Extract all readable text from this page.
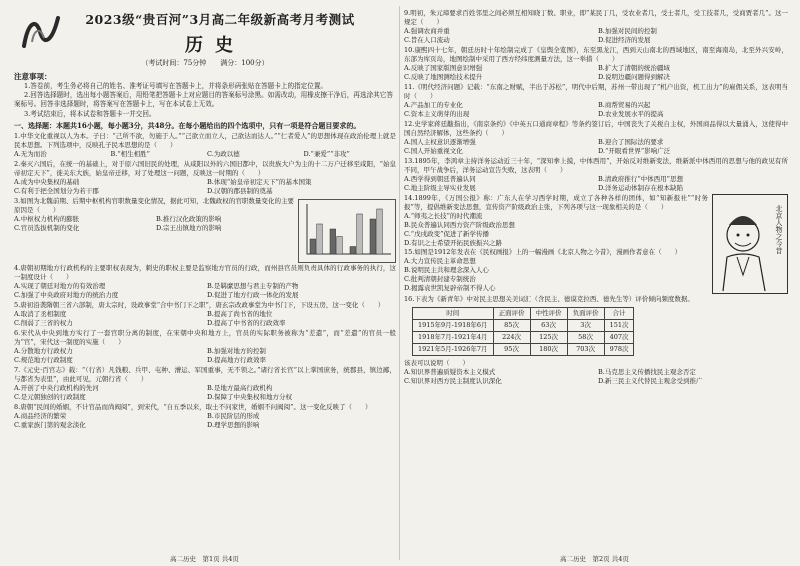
2023级“贵百河”3月高二年级新高考月考测试
历史
（考试时间：75分钟　　满分：100分）
注意事项：
1.答卷前，考生务必将自己的姓名、准考证号填写在答题卡上，并将条形码张贴在答题卡上的指定位置。
2.回答选择题时，选出每小题答案后，用铅笔把答题卡上对应题目的答案标号涂黑。如需改动，用橡皮擦干净后，再选涂其它答案标号。回答非选择题时，将答案写在答题卡上，写在本试卷上无效。
3.考试结束后，将本试卷和答题卡一并交回。
一、选择题：本题共16小题，每小题3分，共48分。在每小题给出的四个选项中，只有一项是符合题目要求的。
1.中华文化重视以人为本。子曰：“己所不欲，勿施于人。”“己欲立而立人，己欲达而达人。”“仁者爱人”的思想体现在政治伦理上就是民本思想。下列选项中，反映孔子民本思想的是（　　）
A.无为而治	B.“相生相胜”	C.为政以德	D.“兼爱”“非攻”
2.秦灭六国后，在统一的基础上，对于原六国旧民的处理，从咸阳以外的六国旧都中，以贵族大户为主的十二万户迁移至咸阳，“始皇帝初定天下”，徙关东大族，始皇帝迁移，对了处理这一问题，反映这一时期的（　　）
A.成为中央集权的基础	B.体现“始皇帝初定天下”的基本国策
C.有利于把全国划分为若干郡	D.汉朝的郡县制的奠基
3.如图为北魏前期、后期中枢机构官职数量变化情况，据此可知，北魏政权的官职数量变化的主要原因是（　　）
A.中枢权力机构的膨胀	B.推行汉化政策的影响
C.官员选拔机制的变化	D.宗王出镇地方的影响
4.唐朝初期地方行政机构的主要职权表现为，刺史的职权主要是监察地方官员的行政，而州县官员则负责具体的行政事务的执行，这一制度设计（　　）
A.实现了朝廷对地方的有效治理	B.是羁縻思想与君主专制的产物
C.加强了中央政府对地方的统治力度	D.促进了地方行政一体化的发展
5.唐初沿袭隋朝三省六部制，唐太宗时，设政事堂“合中书门下之职”，唐玄宗改政事堂为中书门下，下设五房，这一变化（　　）
A.取消了丞相制度	B.提高了尚书省的地位
C.削弱了三省的权力	D.提高了中书省的行政效率
6.宋代从中央到地方实行了一套官职分离的制度，在宋朝中央和地方上，官员的实际职务被称为“差遣”，而“差遣”的官员一般为“官”，宋代这一制度的实施（　　）
A.分散地方行政权力	B.加强对地方的控制
C.规范地方行政制度	D.提高地方行政效率
7.《元史·百官志》载：“（行省）凡钱粮、兵甲、屯种、漕运、军国重事，无不领之。”诸行省长官“以上掌国庶务，统郡县，镇边鄙，与都省为表里”，由此可见，元朝行省（　　）
A.开创了中央行政机构的先河	B.是地方最高行政机构
C.是元朝独创的行政制度	D.保障了中央集权和地方分权
8.唐朝“民间的婚姻，不计官品而尚阀阅”，到宋代，“自五季以来，取士不问家世，婚姻不问阀阅”。这一变化反映了（　　）
A.商品经济的繁荣	B.市民阶层的形成
C.重家族门第的观念淡化	D.理学思想的影响
9.明初，朱元璋要求百姓邻里之间必须互相知晓丁数、职业，即“某民丁几，受农业者几，受士者几，受工技者几，受商贾者几”。这一规定（　　）
A.强调农商并重	B.加强对民间的控制
C.旨在人口流动	D.促进经济的发展
10.康熙四十七年，朝廷历时十年绘制完成了《皇舆全览图》，东至黑龙江，西到天山南北的西域地区，南至海南岛，北至外兴安岭，东部为库页岛，地图绘制中采用了西方经纬度测量方法，这一举措（　　）
A.反映了国家版图意识增强	B.扩大了清朝的统治疆域
C.反映了地图测绘技术提升	D.说明边疆问题得到解决
11.《明代经济问题》记载：“东南之财赋，半出于苏松”，明代中后期，苏州一带出现了“机户出资，机工出力”的雇佣关系，这表明当时（　　）
A.产品加工的专业化	B.商帮贸易的兴起
C.资本主义萌芽的出现	D.农业发展水平的提高
12.史学家蒋廷黻指出，《南京条约》《中英五口通商章程》等条约签订后，中国丧失了关税自主权，外国商品得以大量涌入，这使得中国自然经济解体，这些条约（　　）
A.国人主权意识逐渐增强	B.迎合了国际法的要求
C.国人开始重视文化	D.“开眼看世界”影响广泛
13.1895年，李鸿章主持洋务运动近三十年，“深知拳上摸，中体西用”，开始反对维新变法，维新派中体西用的思想与他的政见有所不同，甲午战争后，洋务运动宣告失败，这表明（　　）
A.西学得到朝廷普遍认同	B.清政府推行“中体西用”思想
C.地主阶级主导实业发展	D.洋务运动体制存在根本缺陷
14.1899年，《万国公报》称：广东人在学习西学时期，成立了各种各样的团体，如“知新报社”“时务报”等，提倡维新变法思想，宣传资产阶级政治主张，下列各项与这一现象相关的是（　　）
A.“师夷之长技”的时代潮流
B.民众普遍认同西方资产阶级政治思想
C.“戊戌政变”促进了新学传播
D.有识之士希望开拓民族振兴之路
15.如图是1912年发表在《民权画报》上的一幅漫画《北京人物之今昔》，漫画作者意在（　　）
A.大力宣传民主革命思想
B.说明民主共和理念深入人心
C.批判清朝封建专制统治
D.揭露袁世凯复辟帝制不得人心
北京人物之今昔
16.下表为《新青年》中对民主思想关美词汇（含民主、德谟克拉西、德先生等）评价倾向频度数据。
时间	正面评价	中性评价	负面评价	合计
1915年9月-1918年6月	85次	63次	3次	151次
1918年7月-1921年4月	224次	125次	58次	407次
1921年5月-1926年7月	95次	180次	703次	978次
该表可以说明（　　）
A.知识界普遍质疑资本主义模式	B.马克思主义传播找民主观念否定
C.知识界对西方民主制度认识深化	D.新三民主义代替民主观念受到推广
高二历史　第1页 共4页	高二历史　第2页 共4页
